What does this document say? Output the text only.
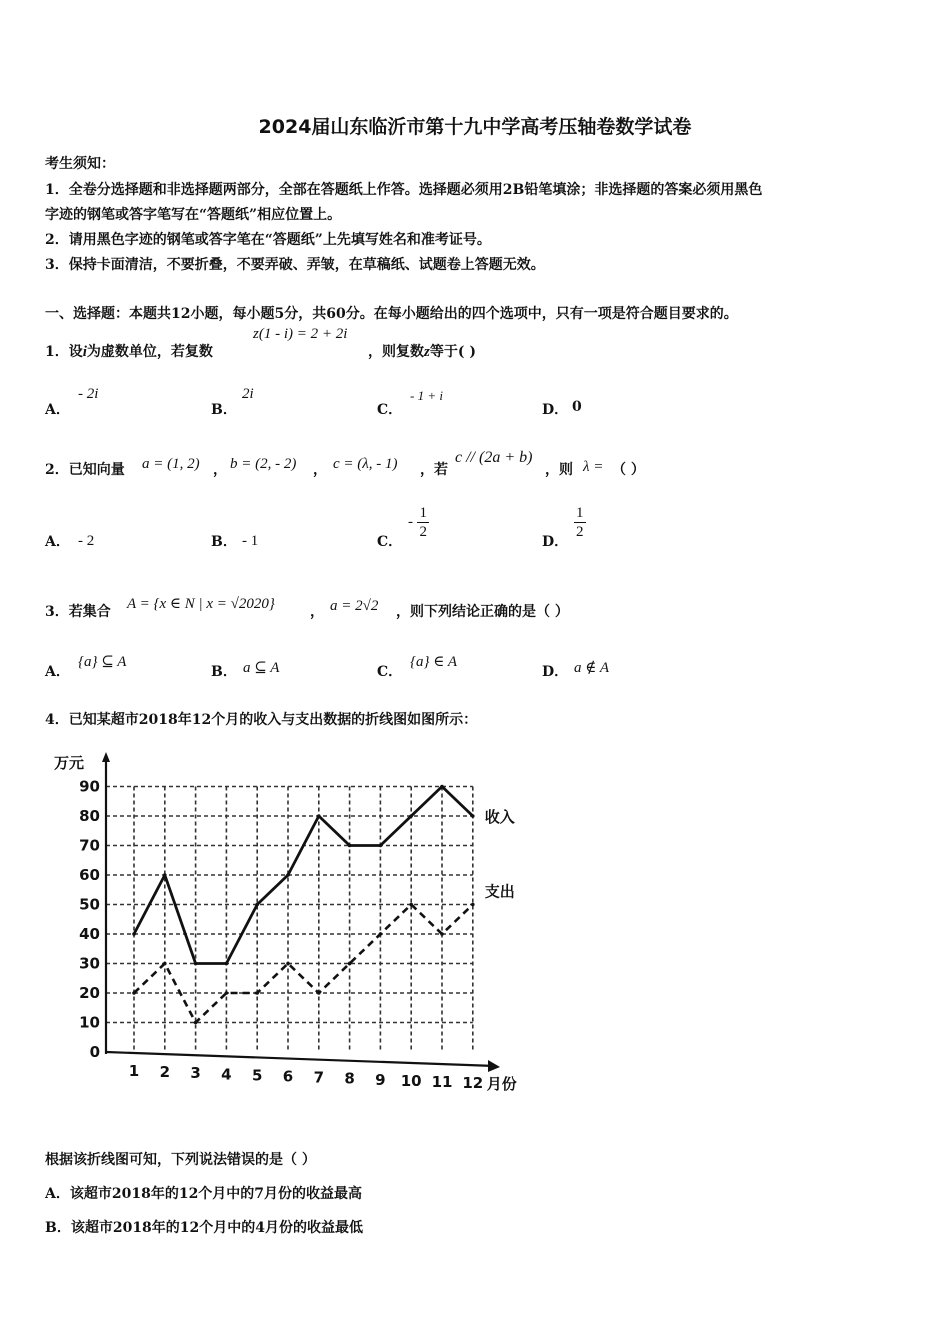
2024届山东临沂市第十九中学高考压轴卷数学试卷
考生须知：
1．全卷分选择题和非选择题两部分，全部在答题纸上作答。选择题必须用2B铅笔填涂；非选择题的答案必须用黑色
字迹的钢笔或答字笔写在“答题纸”相应位置上。
2．请用黑色字迹的钢笔或答字笔在“答题纸”上先填写姓名和准考证号。
3．保持卡面清洁，不要折叠，不要弄破、弄皱，在草稿纸、试题卷上答题无效。
一、选择题：本题共12小题，每小题5分，共60分。在每小题给出的四个选项中，只有一项是符合题目要求的。
1．设i为虚数单位，若复数
z(1 - i) = 2 + 2i
，则复数z等于( )
A．
- 2i
B．
2i
C．
- 1 + i
D． 0
2．已知向量 a = (1, 2) ， b = (2, - 2) ， c = (λ, - 1) ，若
c // (2a + b)
，则 λ = （ ）
A． - 2	B． - 1	C．
- $\frac{1}{2}$
D．
$\frac{1}{2}$
3．若集合 A = {x ∈ N | x = √2020}	， a = 2√2 ，则下列结论正确的是（ ）
A．
{a} ⊆ A
B． a ⊆ A	C．
{a} ∈ A
D． a ∉ A
4．已知某超市2018年12个月的收入与支出数据的折线图如图所示：
0
10
20
30
40
50
60
70
80
90
万元
1 2 3 4 5 6 7 8 9 10 11 12 月份
收入
支出
根据该折线图可知，下列说法错误的是（ ）
A．该超市2018年的12个月中的7月份的收益最高
B．该超市2018年的12个月中的4月份的收益最低
